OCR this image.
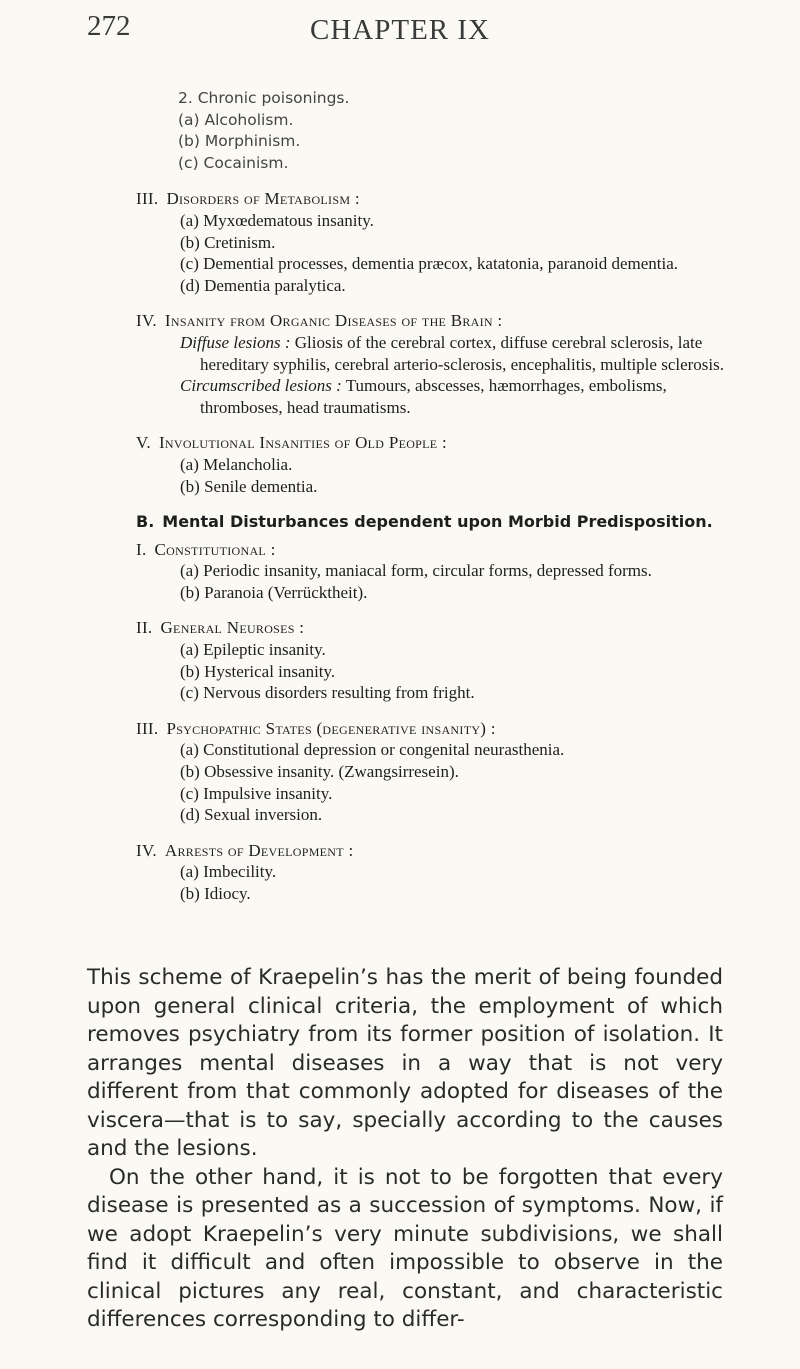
272	CHAPTER IX
2. Chronic poisonings.
(a) Alcoholism.
(b) Morphinism.
(c) Cocainism.
III. Disorders of Metabolism :
(a) Myxœdematous insanity.
(b) Cretinism.
(c) Demential processes, dementia præcox, katatonia, paranoid dementia.
(d) Dementia paralytica.
IV. Insanity from Organic Diseases of the Brain :
Diffuse lesions : Gliosis of the cerebral cortex, diffuse cerebral sclerosis, late hereditary syphilis, cerebral arterio-sclerosis, encephalitis, multiple sclerosis.
Circumscribed lesions : Tumours, abscesses, hæmorrhages, embolisms, thromboses, head traumatisms.
V. Involutional Insanities of Old People :
(a) Melancholia.
(b) Senile dementia.
B. Mental Disturbances dependent upon Morbid Predisposition.
I. Constitutional :
(a) Periodic insanity, maniacal form, circular forms, depressed forms.
(b) Paranoia (Verrücktheit).
II. General Neuroses :
(a) Epileptic insanity.
(b) Hysterical insanity.
(c) Nervous disorders resulting from fright.
III. Psychopathic States (degenerative insanity) :
(a) Constitutional depression or congenital neurasthenia.
(b) Obsessive insanity. (Zwangsirresein).
(c) Impulsive insanity.
(d) Sexual inversion.
IV. Arrests of Development :
(a) Imbecility.
(b) Idiocy.

This scheme of Kraepelin’s has the merit of being founded upon general clinical criteria, the employment of which removes psychiatry from its former position of isolation. It arranges mental diseases in a way that is not very different from that commonly adopted for diseases of the viscera—that is to say, specially according to the causes and the lesions.

On the other hand, it is not to be forgotten that every disease is presented as a succession of symptoms. Now, if we adopt Kraepelin’s very minute subdivisions, we shall find it difficult and often impossible to observe in the clinical pictures any real, constant, and characteristic differences corresponding to differ-
